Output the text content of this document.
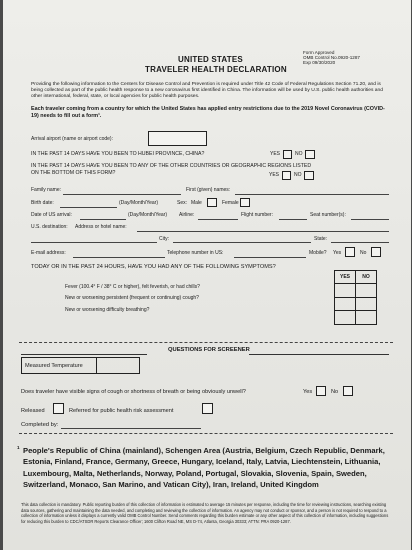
Form Approved
OMB Control No.0920-1287
Exp 09/30/2020
UNITED STATES
TRAVELER HEALTH DECLARATION
Providing the following information to the Centers for Disease Control and Prevention is required under Title 42 Code of Federal Regulations Section 71.20, and is being collected as part of the public health response to a new coronavirus first identified in China. The information will be used by U.S. public health authorities and other international, federal, state, or local agencies for public health purposes.
Each traveler coming from a country for which the United States has applied entry restrictions due to the 2019 Novel Coronavirus (COVID-19) needs to fill out a form¹.
Arrival airport (name or airport code):
IN THE PAST 14 DAYS HAVE YOU BEEN TO HUBEI PROVINCE, CHINA?	YES	NO
IN THE PAST 14 DAYS HAVE YOU BEEN TO ANY OF THE OTHER COUNTRIES OR GEOGRAPHIC REGIONS LISTED
ON THE BOTTOM OF THIS FORM?	YES	NO
Family name:	First (given) names:
Birth date:	(Day/Month/Year)	Sex: Male	Female
Date of US arrival:	(Day/Month/Year) Airline:	Flight number:	Seat number(s):
U.S. destination: Address or hotel name:
City:	State:
E-mail address:	Telephone number in US:	Mobile? Yes	No
TODAY OR IN THE PAST 24 HOURS, HAVE YOU HAD ANY OF THE FOLLOWING SYMPTOMS?
YES	NO

Fever (100.4° F / 38° C or higher), felt feverish, or had chills?
New or worsening persistent (frequent or continuing) cough?
New or worsening difficulty breathing?
QUESTIONS FOR SCREENER
Measured Temperature
Does traveler have visible signs of cough or shortness of breath or being obviously unwell?	Yes	No
Released	Referred for public health risk assessment
Completed by:
1 People's Republic of China (mainland), Schengen Area (Austria, Belgium, Czech Republic, Denmark, Estonia, Finland, France, Germany, Greece, Hungary, Iceland, Italy, Latvia, Liechtenstein, Lithuania, Luxembourg, Malta, Netherlands, Norway, Poland, Portugal, Slovakia, Slovenia, Spain, Sweden, Switzerland, Monaco, San Marino, and Vatican City), Iran, Ireland, United Kingdom
This data collection is mandatory. Public reporting burden of this collection of information is estimated to average 15 minutes per response, including the time for reviewing instructions, searching existing data sources, gathering and maintaining the data needed, and completing and reviewing the collection of information. An agency may not conduct or sponsor, and a person is not required to respond to a collection of information unless it displays a currently valid OMB Control Number. Send comments regarding this burden estimate or any other aspect of this collection of information, including suggestions for reducing this burden to CDC/ATSDR Reports Clearance Officer; 1600 Clifton Road NE, MS D-74, Atlanta, Georgia 30333; ATTN: PRA 0920-1287.
